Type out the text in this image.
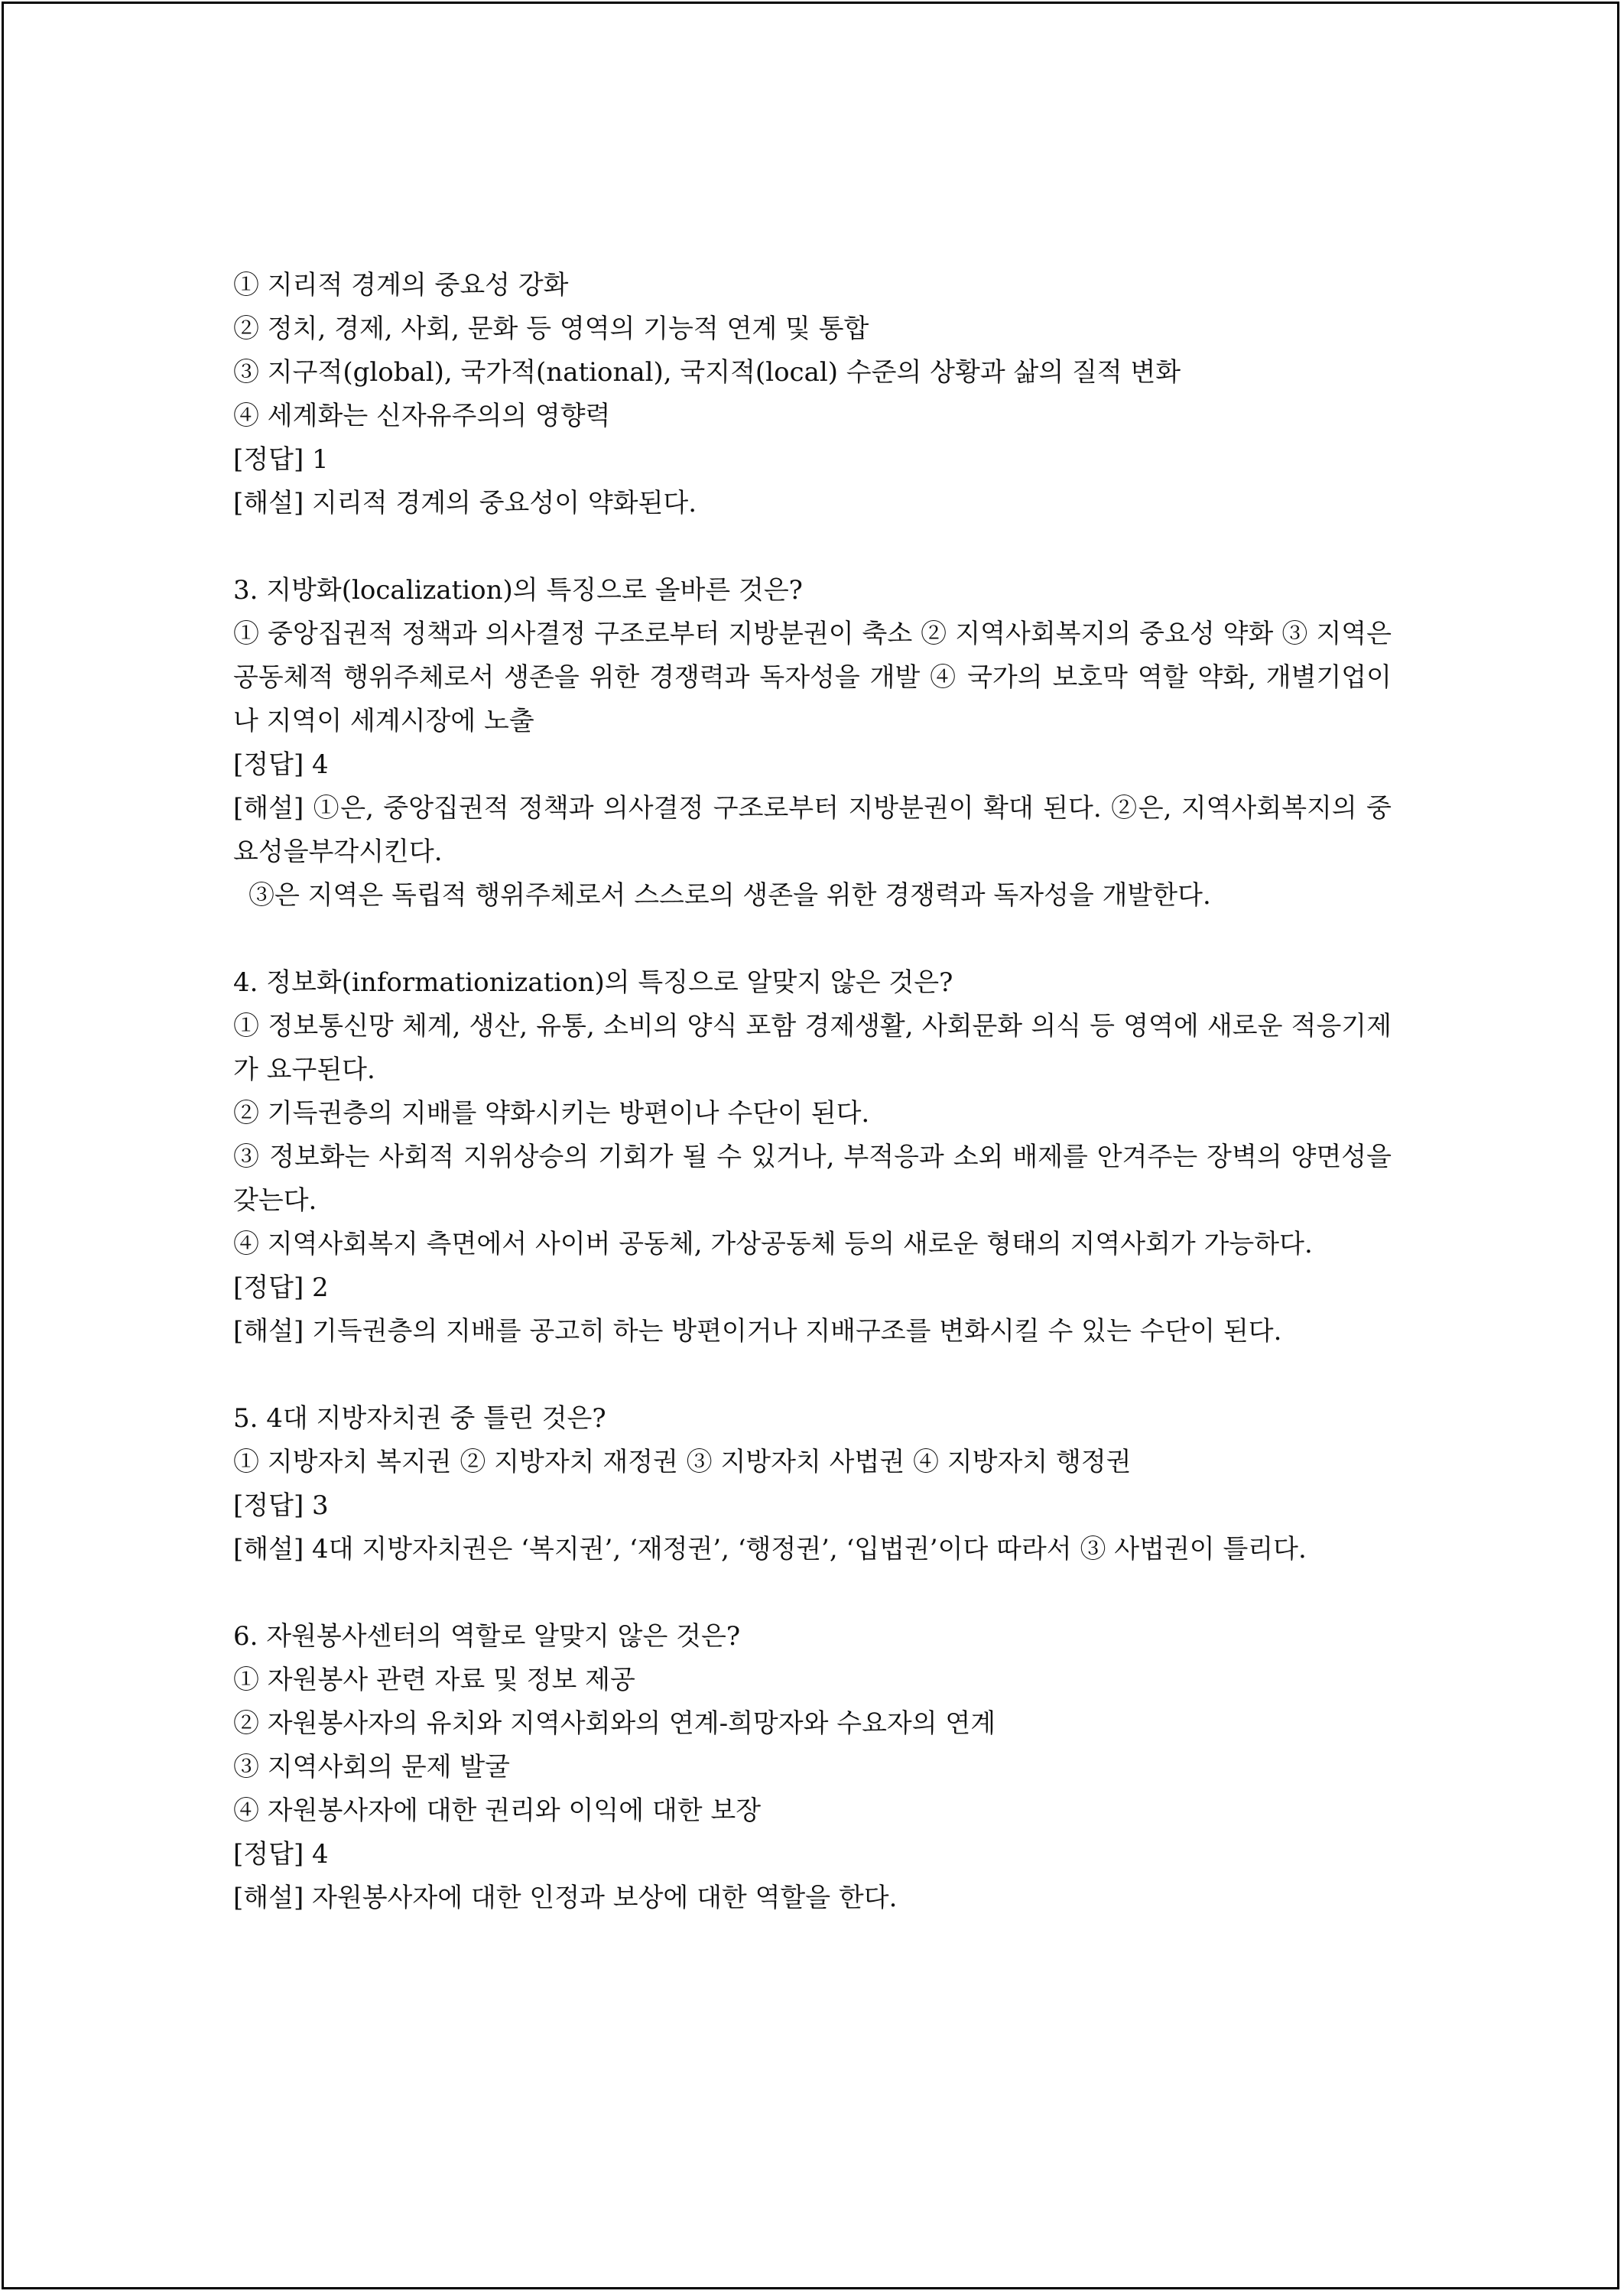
① 지리적 경계의 중요성 강화

② 정치, 경제, 사회, 문화 등 영역의 기능적 연계 및 통합

③ 지구적(global), 국가적(national), 국지적(local) 수준의 상황과 삶의 질적 변화

④ 세계화는 신자유주의의 영향력

[정답] 1

[해설] 지리적 경계의 중요성이 약화된다.

3. 지방화(localization)의 특징으로 올바른 것은?

① 중앙집권적 정책과 의사결정 구조로부터 지방분권이 축소 ② 지역사회복지의 중요성 약화 ③ 지역은 공동체적 행위주체로서 생존을 위한 경쟁력과 독자성을 개발 ④ 국가의 보호막 역할 약화, 개별기업이나 지역이 세계시장에 노출

[정답] 4

[해설] ①은, 중앙집권적 정책과 의사결정 구조로부터 지방분권이 확대 된다. ②은, 지역사회복지의 중요성을부각시킨다.

③은 지역은 독립적 행위주체로서 스스로의 생존을 위한 경쟁력과 독자성을 개발한다.

4. 정보화(informationization)의 특징으로 알맞지 않은 것은?

① 정보통신망 체계, 생산, 유통, 소비의 양식 포함 경제생활, 사회문화 의식 등 영역에 새로운 적응기제가 요구된다.

② 기득권층의 지배를 약화시키는 방편이나 수단이 된다.

③ 정보화는 사회적 지위상승의 기회가 될 수 있거나, 부적응과 소외 배제를 안겨주는 장벽의 양면성을 갖는다.

④ 지역사회복지 측면에서 사이버 공동체, 가상공동체 등의 새로운 형태의 지역사회가 가능하다.

[정답] 2

[해설] 기득권층의 지배를 공고히 하는 방편이거나 지배구조를 변화시킬 수 있는 수단이 된다.

5. 4대 지방자치권 중 틀린 것은?

① 지방자치 복지권 ② 지방자치 재정권 ③ 지방자치 사법권 ④ 지방자치 행정권

[정답] 3

[해설] 4대 지방자치권은 ‘복지권’, ‘재정권’, ‘행정권’, ‘입법권’이다 따라서 ③ 사법권이 틀리다.

6. 자원봉사센터의 역할로 알맞지 않은 것은?

① 자원봉사 관련 자료 및 정보 제공

② 자원봉사자의 유치와 지역사회와의 연계-희망자와 수요자의 연계

③ 지역사회의 문제 발굴

④ 자원봉사자에 대한 권리와 이익에 대한 보장

[정답] 4

[해설] 자원봉사자에 대한 인정과 보상에 대한 역할을 한다.
